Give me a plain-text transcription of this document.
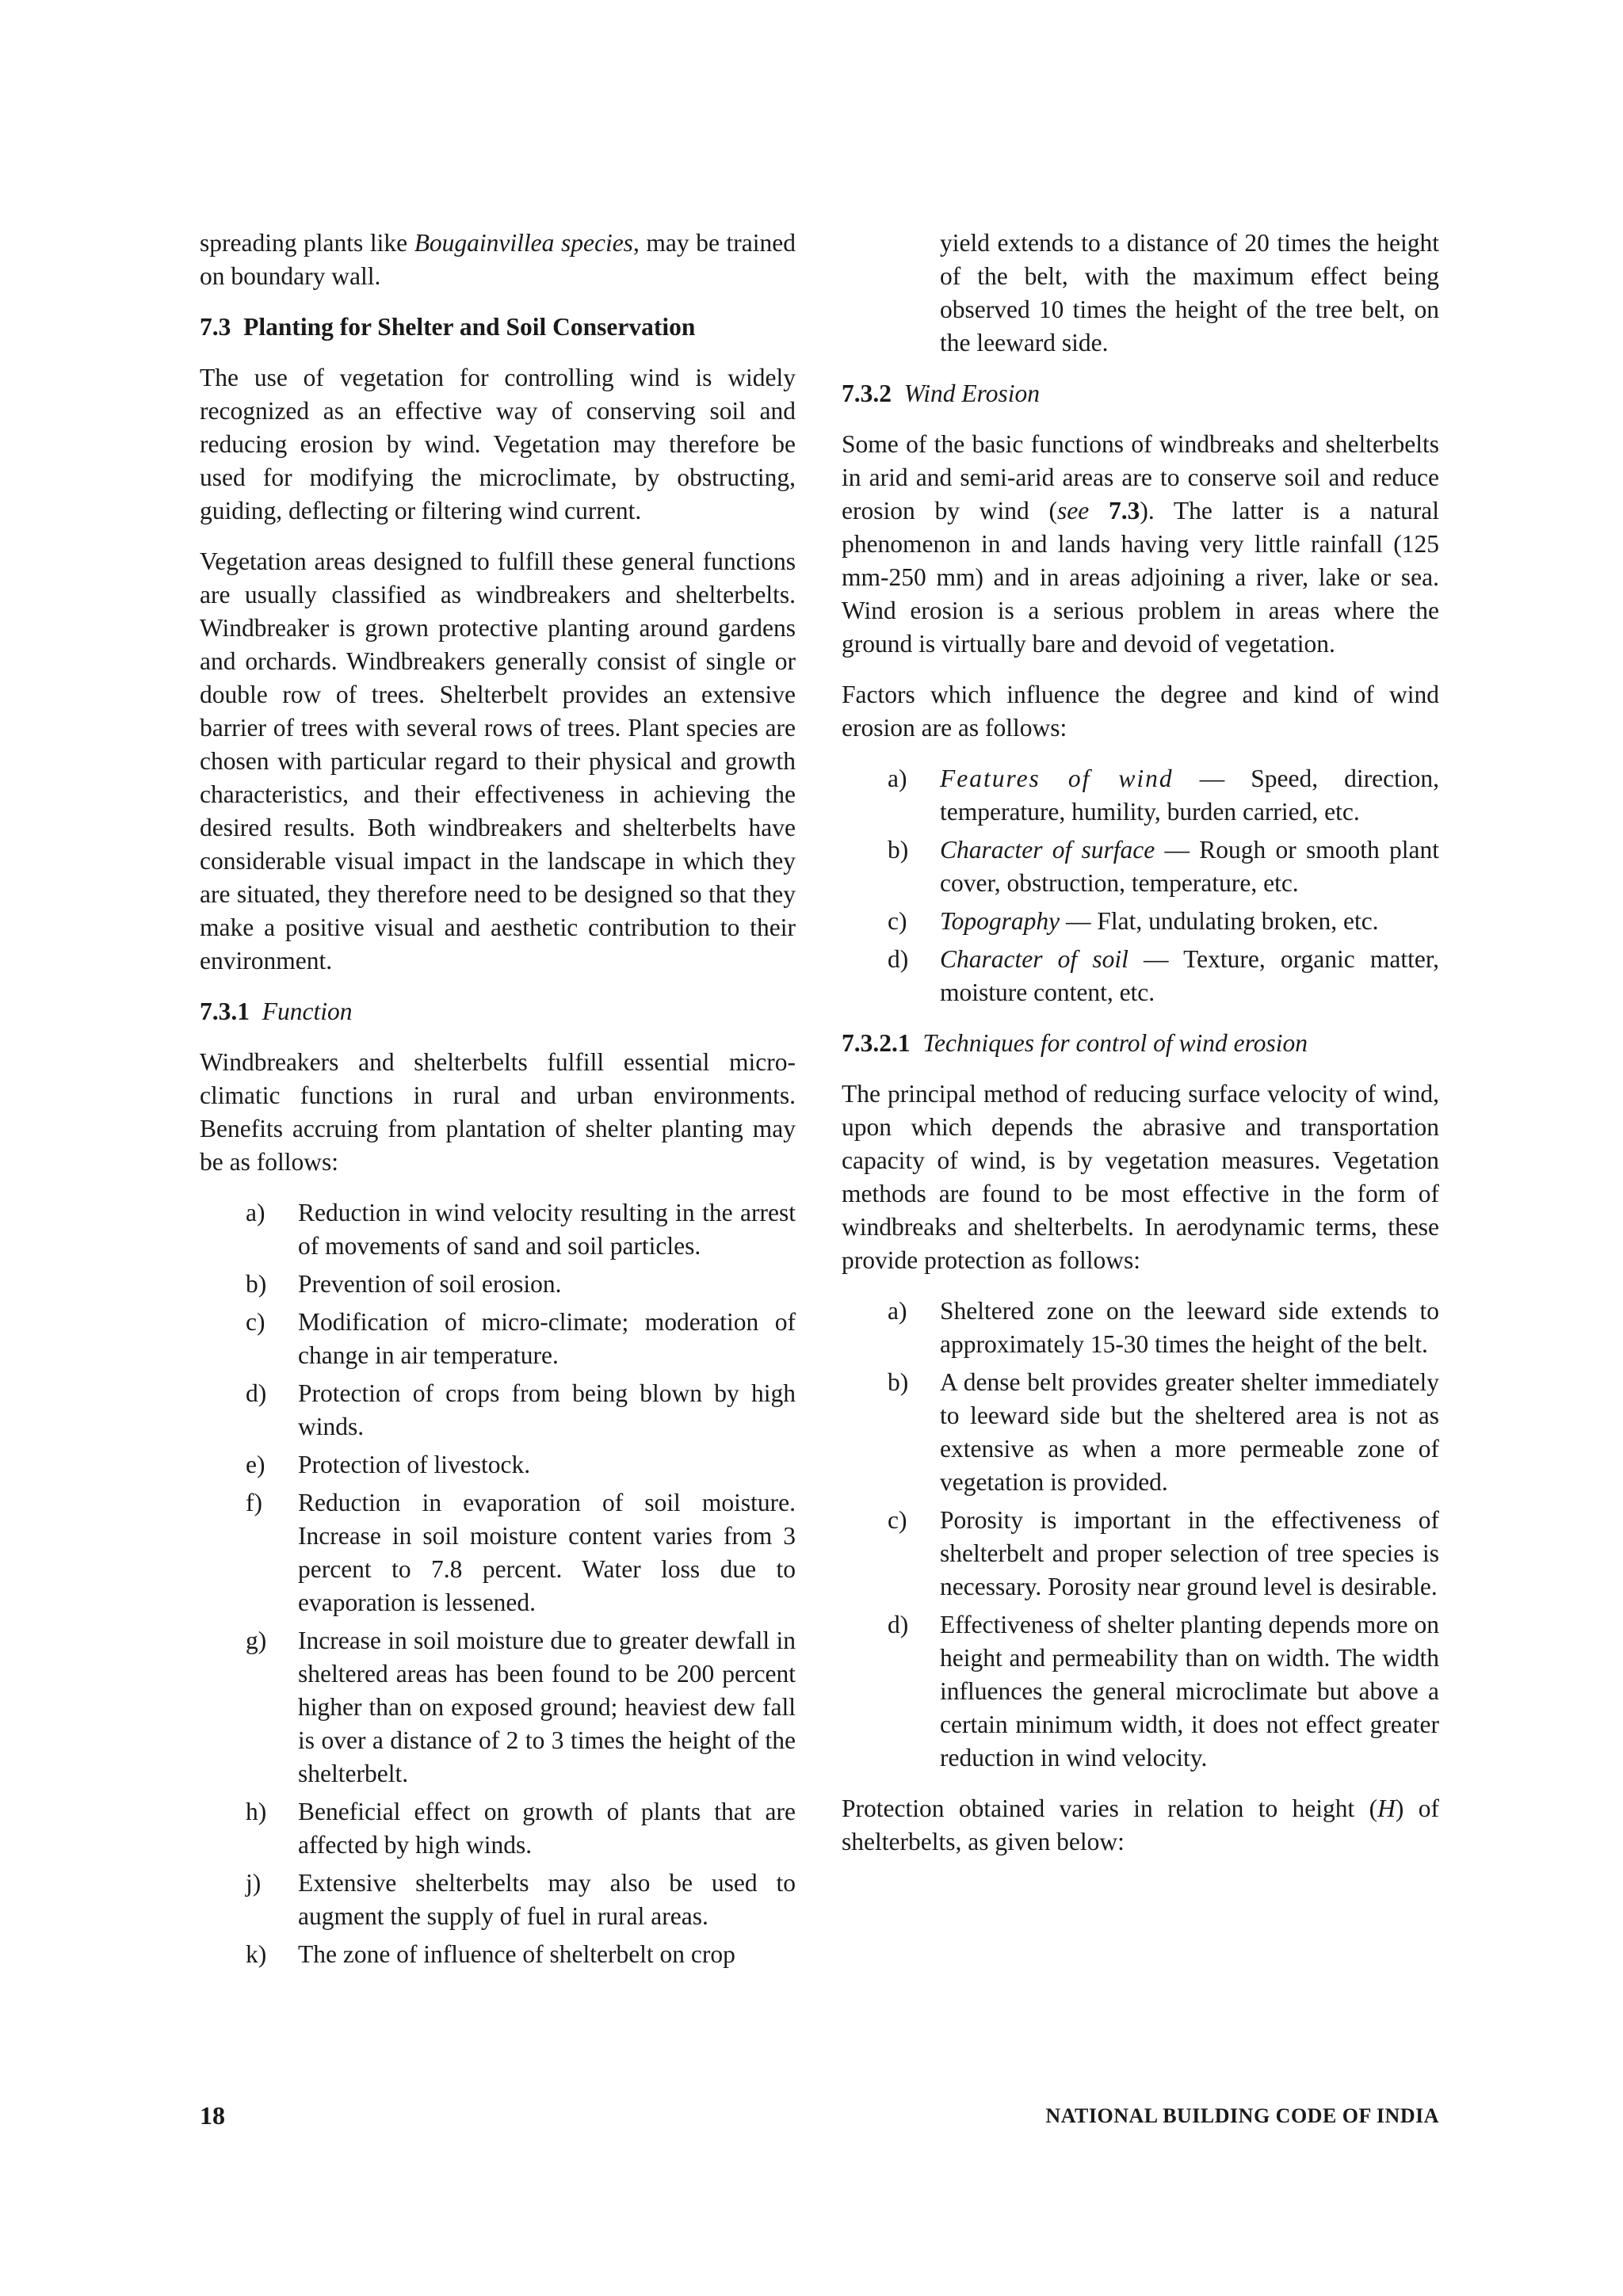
spreading plants like Bougainvillea species, may be trained on boundary wall.

7.3 Planting for Shelter and Soil Conservation

The use of vegetation for controlling wind is widely recognized as an effective way of conserving soil and reducing erosion by wind. Vegetation may therefore be used for modifying the microclimate, by obstructing, guiding, deflecting or filtering wind current.

Vegetation areas designed to fulfill these general functions are usually classified as windbreakers and shelterbelts. Windbreaker is grown protective planting around gardens and orchards. Windbreakers generally consist of single or double row of trees. Shelterbelt provides an extensive barrier of trees with several rows of trees. Plant species are chosen with particular regard to their physical and growth characteristics, and their effectiveness in achieving the desired results. Both windbreakers and shelterbelts have considerable visual impact in the landscape in which they are situated, they therefore need to be designed so that they make a positive visual and aesthetic contribution to their environment.

7.3.1 Function

Windbreakers and shelterbelts fulfill essential micro-climatic functions in rural and urban environments. Benefits accruing from plantation of shelter planting may be as follows:

a) Reduction in wind velocity resulting in the arrest of movements of sand and soil particles.
b) Prevention of soil erosion.
c) Modification of micro-climate; moderation of change in air temperature.
d) Protection of crops from being blown by high winds.
e) Protection of livestock.
f) Reduction in evaporation of soil moisture. Increase in soil moisture content varies from 3 percent to 7.8 percent. Water loss due to evaporation is lessened.
g) Increase in soil moisture due to greater dewfall in sheltered areas has been found to be 200 percent higher than on exposed ground; heaviest dew fall is over a distance of 2 to 3 times the height of the shelterbelt.
h) Beneficial effect on growth of plants that are affected by high winds.
j) Extensive shelterbelts may also be used to augment the supply of fuel in rural areas.
k) The zone of influence of shelterbelt on crop

yield extends to a distance of 20 times the height of the belt, with the maximum effect being observed 10 times the height of the tree belt, on the leeward side.

7.3.2 Wind Erosion

Some of the basic functions of windbreaks and shelterbelts in arid and semi-arid areas are to conserve soil and reduce erosion by wind (see 7.3). The latter is a natural phenomenon in and lands having very little rainfall (125 mm-250 mm) and in areas adjoining a river, lake or sea. Wind erosion is a serious problem in areas where the ground is virtually bare and devoid of vegetation.

Factors which influence the degree and kind of wind erosion are as follows:

a) Features of wind — Speed, direction, temperature, humility, burden carried, etc.
b) Character of surface — Rough or smooth plant cover, obstruction, temperature, etc.
c) Topography — Flat, undulating broken, etc.
d) Character of soil — Texture, organic matter, moisture content, etc.
7.3.2.1 Techniques for control of wind erosion

The principal method of reducing surface velocity of wind, upon which depends the abrasive and transportation capacity of wind, is by vegetation measures. Vegetation methods are found to be most effective in the form of windbreaks and shelterbelts. In aerodynamic terms, these provide protection as follows:

a) Sheltered zone on the leeward side extends to approximately 15-30 times the height of the belt.
b) A dense belt provides greater shelter immediately to leeward side but the sheltered area is not as extensive as when a more permeable zone of vegetation is provided.
c) Porosity is important in the effectiveness of shelterbelt and proper selection of tree species is necessary. Porosity near ground level is desirable.
d) Effectiveness of shelter planting depends more on height and permeability than on width. The width influences the general microclimate but above a certain minimum width, it does not effect greater reduction in wind velocity.

Protection obtained varies in relation to height (H) of shelterbelts, as given below:

18	NATIONAL BUILDING CODE OF INDIA
